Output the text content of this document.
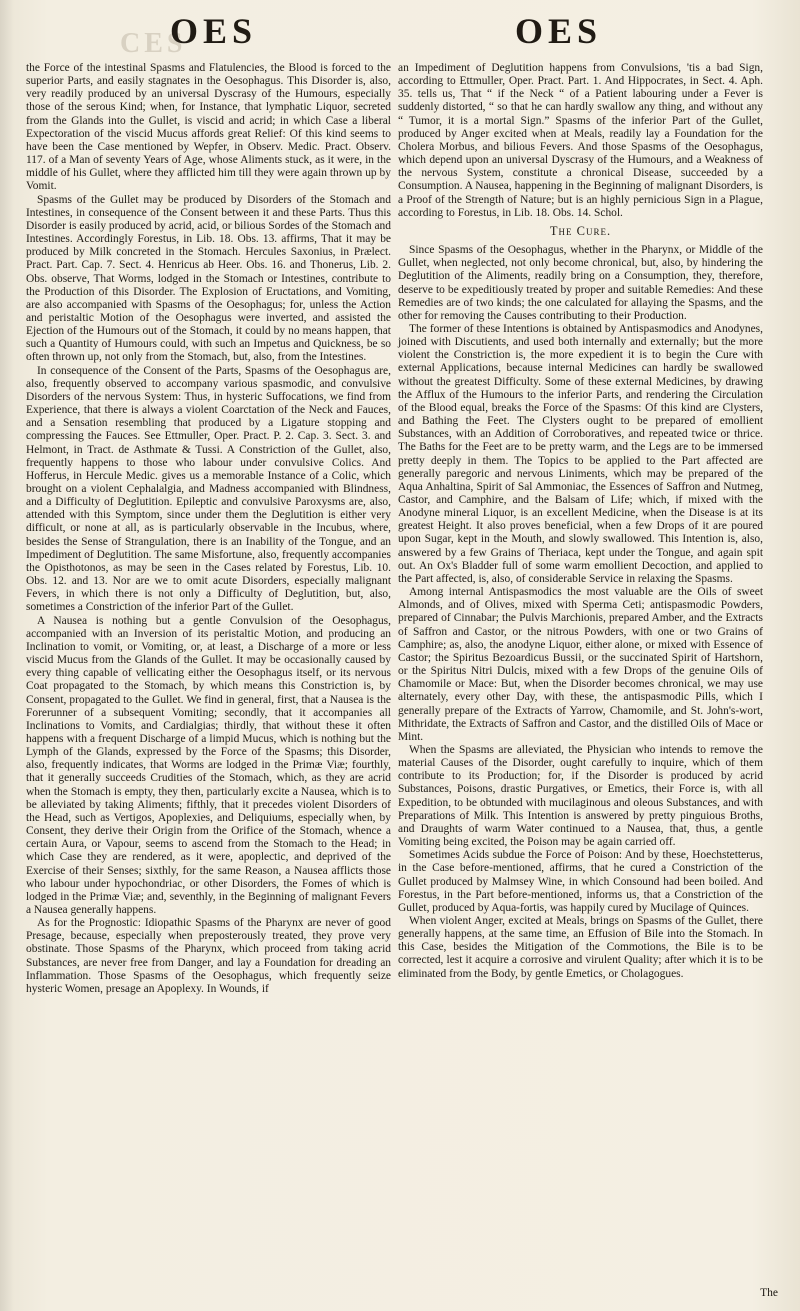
CES
OES	OES

the Force of the intestinal Spasms and Flatulencies, the Blood is forced to the superior Parts, and easily stagnates in the Oesophagus. This Disorder is, also, very readily produced by an universal Dyscrasy of the Humours, especially those of the serous Kind; when, for Instance, that lymphatic Liquor, secreted from the Glands into the Gullet, is viscid and acrid; in which Case a liberal Expectoration of the viscid Mucus affords great Relief: Of this kind seems to have been the Case mentioned by Wepfer, in Observ. Medic. Pract. Observ. 117. of a Man of seventy Years of Age, whose Aliments stuck, as it were, in the middle of his Gullet, where they afflicted him till they were again thrown up by Vomit.

Spasms of the Gullet may be produced by Disorders of the Stomach and Intestines, in consequence of the Consent between it and these Parts. Thus this Disorder is easily produced by acrid, acid, or bilious Sordes of the Stomach and Intestines. Accordingly Forestus, in Lib. 18. Obs. 13. affirms, That it may be produced by Milk concreted in the Stomach. Hercules Saxonius, in Prælect. Pract. Part. Cap. 7. Sect. 4. Henricus ab Heer. Obs. 16. and Thonerus, Lib. 2. Obs. observe, That Worms, lodged in the Stomach or Intestines, contribute to the Production of this Disorder. The Explosion of Eructations, and Vomiting, are also accompanied with Spasms of the Oesophagus; for, unless the Action and peristaltic Motion of the Oesophagus were inverted, and assisted the Ejection of the Humours out of the Stomach, it could by no means happen, that such a Quantity of Humours could, with such an Impetus and Quickness, be so often thrown up, not only from the Stomach, but, also, from the Intestines.

In consequence of the Consent of the Parts, Spasms of the Oesophagus are, also, frequently observed to accompany various spasmodic, and convulsive Disorders of the nervous System: Thus, in hysteric Suffocations, we find from Experience, that there is always a violent Coarctation of the Neck and Fauces, and a Sensation resembling that produced by a Ligature stopping and compressing the Fauces. See Ettmuller, Oper. Pract. P. 2. Cap. 3. Sect. 3. and Helmont, in Tract. de Asthmate & Tussi. A Constriction of the Gullet, also, frequently happens to those who labour under convulsive Colics. And Hofferus, in Hercule Medic. gives us a memorable Instance of a Colic, which brought on a violent Cephalalgia, and Madness accompanied with Blindness, and a Difficulty of Deglutition. Epileptic and convulsive Paroxysms are, also, attended with this Symptom, since under them the Deglutition is either very difficult, or none at all, as is particularly observable in the Incubus, where, besides the Sense of Strangulation, there is an Inability of the Tongue, and an Impediment of Deglutition. The same Misfortune, also, frequently accompanies the Opisthotonos, as may be seen in the Cases related by Forestus, Lib. 10. Obs. 12. and 13. Nor are we to omit acute Disorders, especially malignant Fevers, in which there is not only a Difficulty of Deglutition, but, also, sometimes a Constriction of the inferior Part of the Gullet.

A Nausea is nothing but a gentle Convulsion of the Oesophagus, accompanied with an Inversion of its peristaltic Motion, and producing an Inclination to vomit, or Vomiting, or, at least, a Discharge of a more or less viscid Mucus from the Glands of the Gullet. It may be occasionally caused by every thing capable of vellicating either the Oesophagus itself, or its nervous Coat propagated to the Stomach, by which means this Constriction is, by Consent, propagated to the Gullet. We find in general, first, that a Nausea is the Forerunner of a subsequent Vomiting; secondly, that it accompanies all Inclinations to Vomits, and Cardialgias; thirdly, that without these it often happens with a frequent Discharge of a limpid Mucus, which is nothing but the Lymph of the Glands, expressed by the Force of the Spasms; this Disorder, also, frequently indicates, that Worms are lodged in the Primæ Viæ; fourthly, that it generally succeeds Crudities of the Stomach, which, as they are acrid when the Stomach is empty, they then, particularly excite a Nausea, which is to be alleviated by taking Aliments; fifthly, that it precedes violent Disorders of the Head, such as Vertigos, Apoplexies, and Deliquiums, especially when, by Consent, they derive their Origin from the Orifice of the Stomach, whence a certain Aura, or Vapour, seems to ascend from the Stomach to the Head; in which Case they are rendered, as it were, apoplectic, and deprived of the Exercise of their Senses; sixthly, for the same Reason, a Nausea afflicts those who labour under hypochondriac, or other Disorders, the Fomes of which is lodged in the Primæ Viæ; and, seventhly, in the Beginning of malignant Fevers a Nausea generally happens.

As for the Prognostic: Idiopathic Spasms of the Pharynx are never of good Presage, because, especially when preposterously treated, they prove very obstinate. Those Spasms of the Pharynx, which proceed from taking acrid Substances, are never free from Danger, and lay a Foundation for dreading an Inflammation. Those Spasms of the Oesophagus, which frequently seize hysteric Women, presage an Apoplexy. In Wounds, if

an Impediment of Deglutition happens from Convulsions, 'tis a bad Sign, according to Ettmuller, Oper. Pract. Part. 1. And Hippocrates, in Sect. 4. Aph. 35. tells us, That “ if the Neck “ of a Patient labouring under a Fever is suddenly distorted, “ so that he can hardly swallow any thing, and without any “ Tumor, it is a mortal Sign.” Spasms of the inferior Part of the Gullet, produced by Anger excited when at Meals, readily lay a Foundation for the Cholera Morbus, and bilious Fevers. And those Spasms of the Oesophagus, which depend upon an universal Dyscrasy of the Humours, and a Weakness of the nervous System, constitute a chronical Disease, succeeded by a Consumption. A Nausea, happening in the Beginning of malignant Disorders, is a Proof of the Strength of Nature; but is an highly pernicious Sign in a Plague, according to Forestus, in Lib. 18. Obs. 14. Schol.

The Cure.

Since Spasms of the Oesophagus, whether in the Pharynx, or Middle of the Gullet, when neglected, not only become chronical, but, also, by hindering the Deglutition of the Aliments, readily bring on a Consumption, they, therefore, deserve to be expeditiously treated by proper and suitable Remedies: And these Remedies are of two kinds; the one calculated for allaying the Spasms, and the other for removing the Causes contributing to their Production.

The former of these Intentions is obtained by Antispasmodics and Anodynes, joined with Discutients, and used both internally and externally; but the more violent the Constriction is, the more expedient it is to begin the Cure with external Applications, because internal Medicines can hardly be swallowed without the greatest Difficulty. Some of these external Medicines, by drawing the Afflux of the Humours to the inferior Parts, and rendering the Circulation of the Blood equal, breaks the Force of the Spasms: Of this kind are Clysters, and Bathing the Feet. The Clysters ought to be prepared of emollient Substances, with an Addition of Corroboratives, and repeated twice or thrice. The Baths for the Feet are to be pretty warm, and the Legs are to be immersed pretty deeply in them. The Topics to be applied to the Part affected are generally paregoric and nervous Liniments, which may be prepared of the Aqua Anhaltina, Spirit of Sal Ammoniac, the Essences of Saffron and Nutmeg, Castor, and Camphire, and the Balsam of Life; which, if mixed with the Anodyne mineral Liquor, is an excellent Medicine, when the Disease is at its greatest Height. It also proves beneficial, when a few Drops of it are poured upon Sugar, kept in the Mouth, and slowly swallowed. This Intention is, also, answered by a few Grains of Theriaca, kept under the Tongue, and again spit out. An Ox's Bladder full of some warm emollient Decoction, and applied to the Part affected, is, also, of considerable Service in relaxing the Spasms.

Among internal Antispasmodics the most valuable are the Oils of sweet Almonds, and of Olives, mixed with Sperma Ceti; antispasmodic Powders, prepared of Cinnabar; the Pulvis Marchionis, prepared Amber, and the Extracts of Saffron and Castor, or the nitrous Powders, with one or two Grains of Camphire; as, also, the anodyne Liquor, either alone, or mixed with Essence of Castor; the Spiritus Bezoardicus Bussii, or the succinated Spirit of Hartshorn, or the Spiritus Nitri Dulcis, mixed with a few Drops of the genuine Oils of Chamomile or Mace: But, when the Disorder becomes chronical, we may use alternately, every other Day, with these, the antispasmodic Pills, which I generally prepare of the Extracts of Yarrow, Chamomile, and St. John's-wort, Mithridate, the Extracts of Saffron and Castor, and the distilled Oils of Mace or Mint.

When the Spasms are alleviated, the Physician who intends to remove the material Causes of the Disorder, ought carefully to inquire, which of them contribute to its Production; for, if the Disorder is produced by acrid Substances, Poisons, drastic Purgatives, or Emetics, their Force is, with all Expedition, to be obtunded with mucilaginous and oleous Substances, and with Preparations of Milk. This Intention is answered by pretty pinguious Broths, and Draughts of warm Water continued to a Nausea, that, thus, a gentle Vomiting being excited, the Poison may be again carried off.

Sometimes Acids subdue the Force of Poison: And by these, Hoechstetterus, in the Case before-mentioned, affirms, that he cured a Constriction of the Gullet produced by Malmsey Wine, in which Consound had been boiled. And Forestus, in the Part before-mentioned, informs us, that a Constriction of the Gullet, produced by Aqua-fortis, was happily cured by Mucilage of Quinces.

When violent Anger, excited at Meals, brings on Spasms of the Gullet, there generally happens, at the same time, an Effusion of Bile into the Stomach. In this Case, besides the Mitigation of the Commotions, the Bile is to be corrected, lest it acquire a corrosive and virulent Quality; after which it is to be eliminated from the Body, by gentle Emetics, or Cholagogues.

The
